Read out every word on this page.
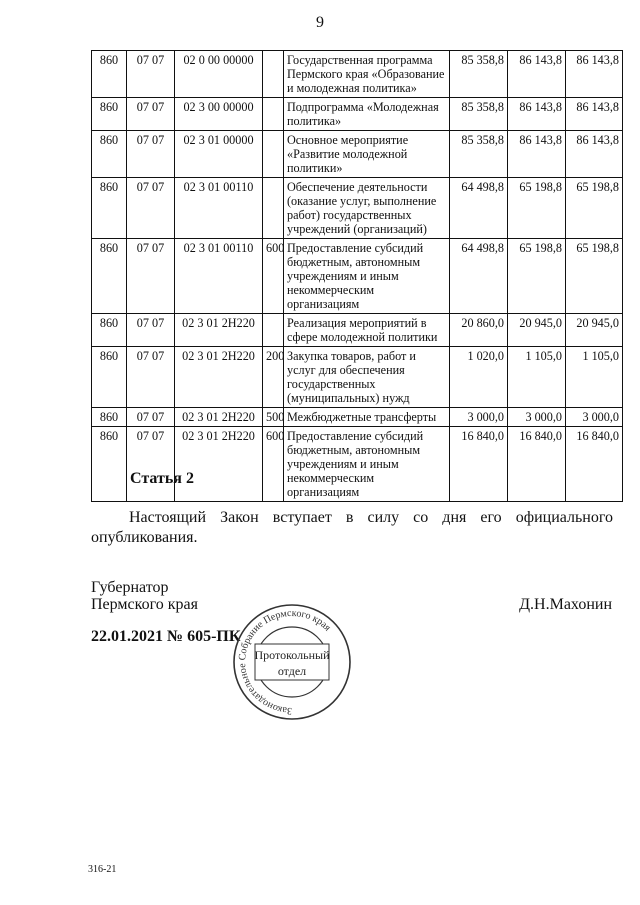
9
860	07 07	02 0 00 00000		Государственная программа Пермского края «Образование и молодежная политика»	85 358,8	86 143,8	86 143,8
860	07 07	02 3 00 00000		Подпрограмма «Молодежная политика»	85 358,8	86 143,8	86 143,8
860	07 07	02 3 01 00000		Основное мероприятие «Развитие молодежной политики»	85 358,8	86 143,8	86 143,8
860	07 07	02 3 01 00110		Обеспечение деятельности (оказание услуг, выполнение работ) государственных учреждений (организаций)	64 498,8	65 198,8	65 198,8
860	07 07	02 3 01 00110	600	Предоставление субсидий бюджетным, автономным учреждениям и иным некоммерческим организациям	64 498,8	65 198,8	65 198,8
860	07 07	02 3 01 2Н220		Реализация мероприятий в сфере молодежной политики	20 860,0	20 945,0	20 945,0
860	07 07	02 3 01 2Н220	200	Закупка товаров, работ и услуг для обеспечения государственных (муниципальных) нужд	1 020,0	1 105,0	1 105,0
860	07 07	02 3 01 2Н220	500	Межбюджетные трансферты	3 000,0	3 000,0	3 000,0
860	07 07	02 3 01 2Н220	600	Предоставление субсидий бюджетным, автономным учреждениям и иным некоммерческим организациям	16 840,0	16 840,0	16 840,0
Статья 2
Настоящий Закон вступает в силу со дня его официального опубликования.
Губернатор
Пермского края	Д.Н.Махонин
22.01.2021 № 605-ПК
Законодательное Собрание Пермского края
Протокольный
отдел
316-21
